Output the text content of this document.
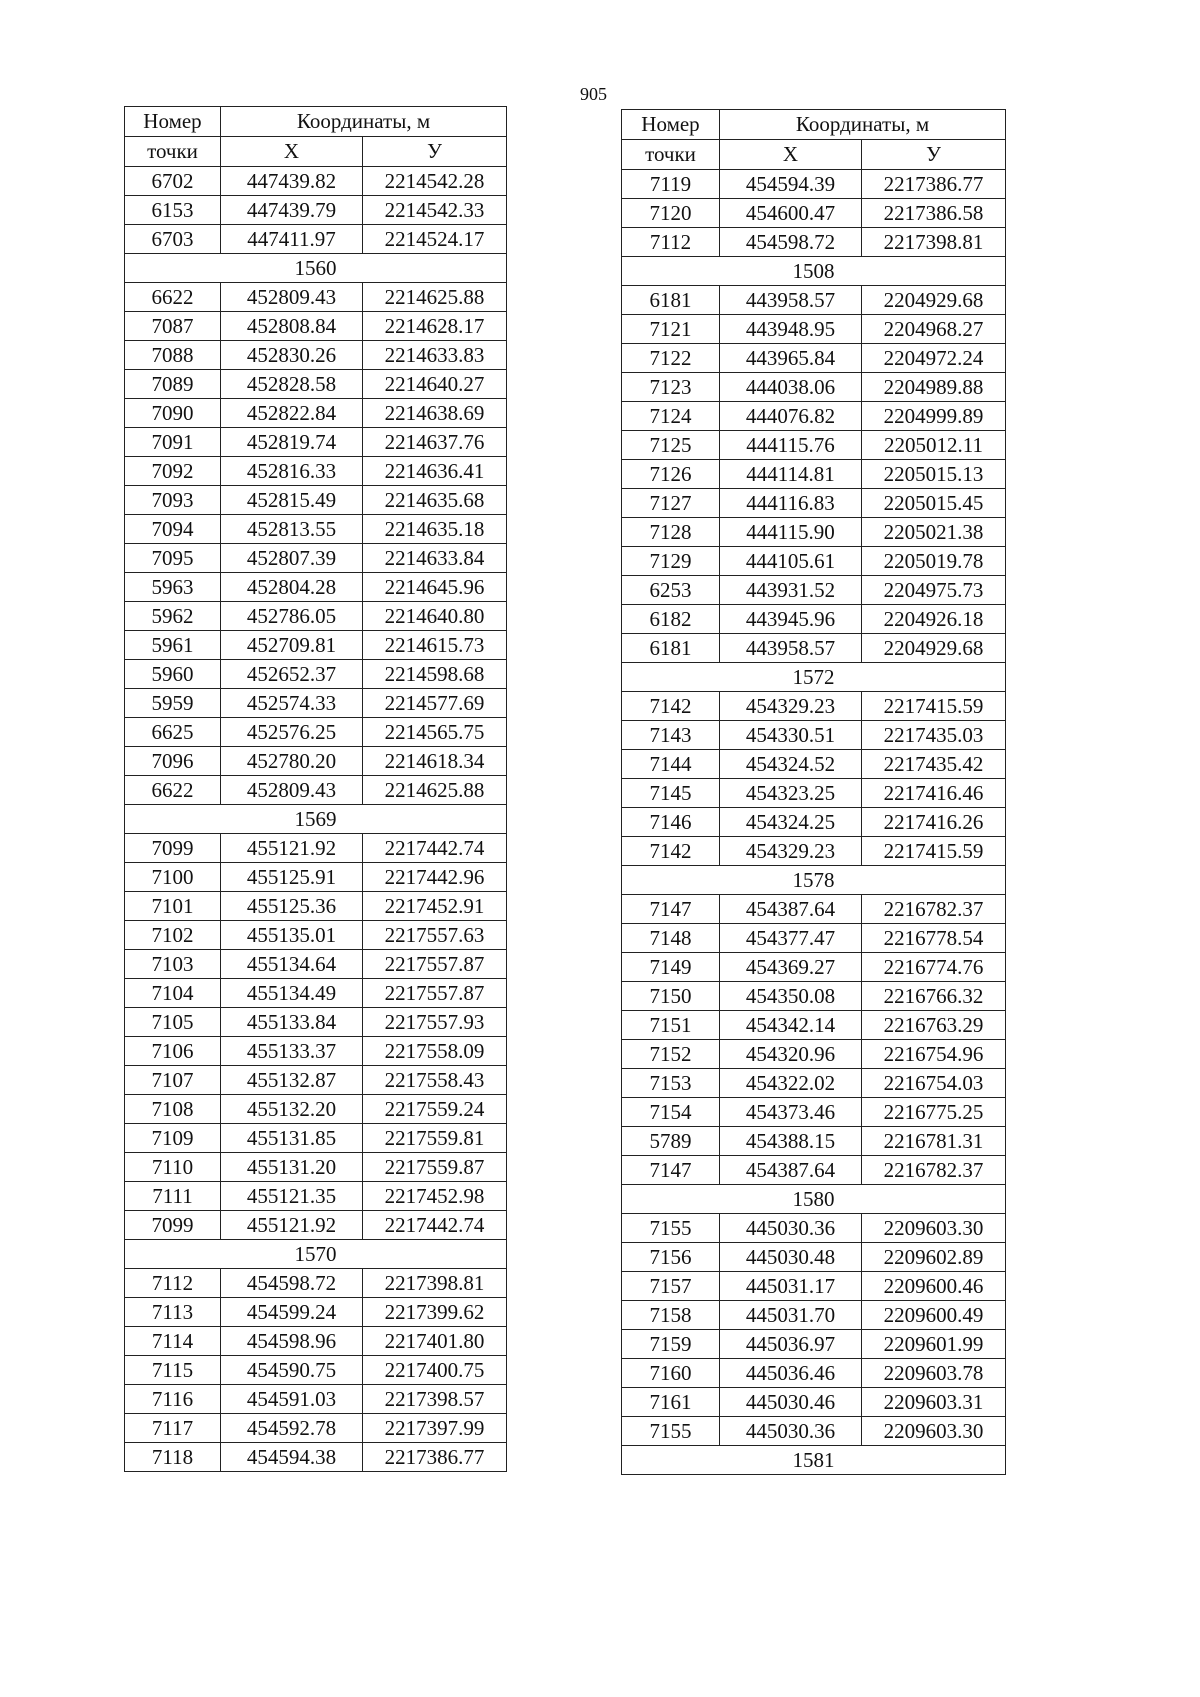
905
Номер	Координаты, м	
точки	X	У
6702	447439.82	2214542.28
6153	447439.79	2214542.33
6703	447411.97	2214524.17
1560		
6622	452809.43	2214625.88
7087	452808.84	2214628.17
7088	452830.26	2214633.83
7089	452828.58	2214640.27
7090	452822.84	2214638.69
7091	452819.74	2214637.76
7092	452816.33	2214636.41
7093	452815.49	2214635.68
7094	452813.55	2214635.18
7095	452807.39	2214633.84
5963	452804.28	2214645.96
5962	452786.05	2214640.80
5961	452709.81	2214615.73
5960	452652.37	2214598.68
5959	452574.33	2214577.69
6625	452576.25	2214565.75
7096	452780.20	2214618.34
6622	452809.43	2214625.88
1569		
7099	455121.92	2217442.74
7100	455125.91	2217442.96
7101	455125.36	2217452.91
7102	455135.01	2217557.63
7103	455134.64	2217557.87
7104	455134.49	2217557.87
7105	455133.84	2217557.93
7106	455133.37	2217558.09
7107	455132.87	2217558.43
7108	455132.20	2217559.24
7109	455131.85	2217559.81
7110	455131.20	2217559.87
7111	455121.35	2217452.98
7099	455121.92	2217442.74
1570		
7112	454598.72	2217398.81
7113	454599.24	2217399.62
7114	454598.96	2217401.80
7115	454590.75	2217400.75
7116	454591.03	2217398.57
7117	454592.78	2217397.99
7118	454594.38	2217386.77
Номер	Координаты, м	
точки	X	У
7119	454594.39	2217386.77
7120	454600.47	2217386.58
7112	454598.72	2217398.81
1508		
6181	443958.57	2204929.68
7121	443948.95	2204968.27
7122	443965.84	2204972.24
7123	444038.06	2204989.88
7124	444076.82	2204999.89
7125	444115.76	2205012.11
7126	444114.81	2205015.13
7127	444116.83	2205015.45
7128	444115.90	2205021.38
7129	444105.61	2205019.78
6253	443931.52	2204975.73
6182	443945.96	2204926.18
6181	443958.57	2204929.68
1572		
7142	454329.23	2217415.59
7143	454330.51	2217435.03
7144	454324.52	2217435.42
7145	454323.25	2217416.46
7146	454324.25	2217416.26
7142	454329.23	2217415.59
1578		
7147	454387.64	2216782.37
7148	454377.47	2216778.54
7149	454369.27	2216774.76
7150	454350.08	2216766.32
7151	454342.14	2216763.29
7152	454320.96	2216754.96
7153	454322.02	2216754.03
7154	454373.46	2216775.25
5789	454388.15	2216781.31
7147	454387.64	2216782.37
1580		
7155	445030.36	2209603.30
7156	445030.48	2209602.89
7157	445031.17	2209600.46
7158	445031.70	2209600.49
7159	445036.97	2209601.99
7160	445036.46	2209603.78
7161	445030.46	2209603.31
7155	445030.36	2209603.30
1581		
